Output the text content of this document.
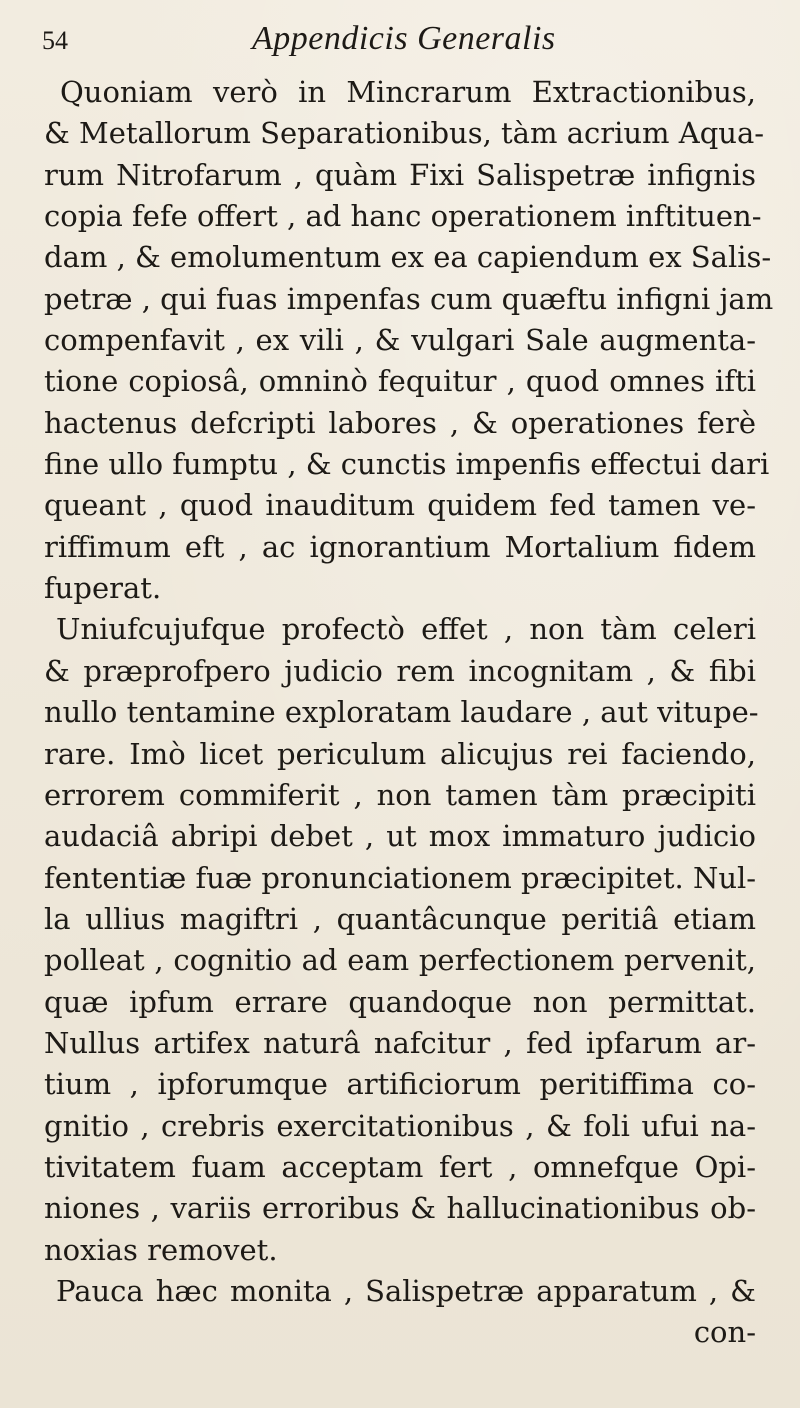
54	Appendicis Generalis
Quoniam verò in Mincrarum Extractionibus,
& Metallorum Separationibus, tàm acrium Aqua-
rum Nitrofarum , quàm Fixi Salispetræ infignis
copia fefe offert , ad hanc operationem inftituen-
dam , & emolumentum ex ea capiendum ex Salis-
petræ , qui fuas impenfas cum quæftu infigni jam
compenfavit , ex vili , & vulgari Sale augmenta-
tione copiosâ, omninò fequitur , quod omnes ifti
hactenus defcripti labores , & operationes ferè
fine ullo fumptu , & cunctis impenfis effectui dari
queant , quod inauditum quidem fed tamen ve-
riffimum eft , ac ignorantium Mortalium fidem
fuperat.
Uniufcujufque profectò effet , non tàm celeri
& præprofpero judicio rem incognitam , & fibi
nullo tentamine exploratam laudare , aut vitupe-
rare. Imò licet periculum alicujus rei faciendo,
errorem commiferit , non tamen tàm præcipiti
audaciâ abripi debet , ut mox immaturo judicio
fententiæ fuæ pronunciationem præcipitet. Nul-
la ullius magiftri , quantâcunque peritiâ etiam
polleat , cognitio ad eam perfectionem pervenit,
quæ ipfum errare quandoque non permittat.
Nullus artifex naturâ nafcitur , fed ipfarum ar-
tium , ipforumque artificiorum peritiffima co-
gnitio , crebris exercitationibus , & foli ufui na-
tivitatem fuam acceptam fert , omnefque Opi-
niones , variis erroribus & hallucinationibus ob-
noxias removet.
Pauca hæc monita , Salispetræ apparatum , &
con-
